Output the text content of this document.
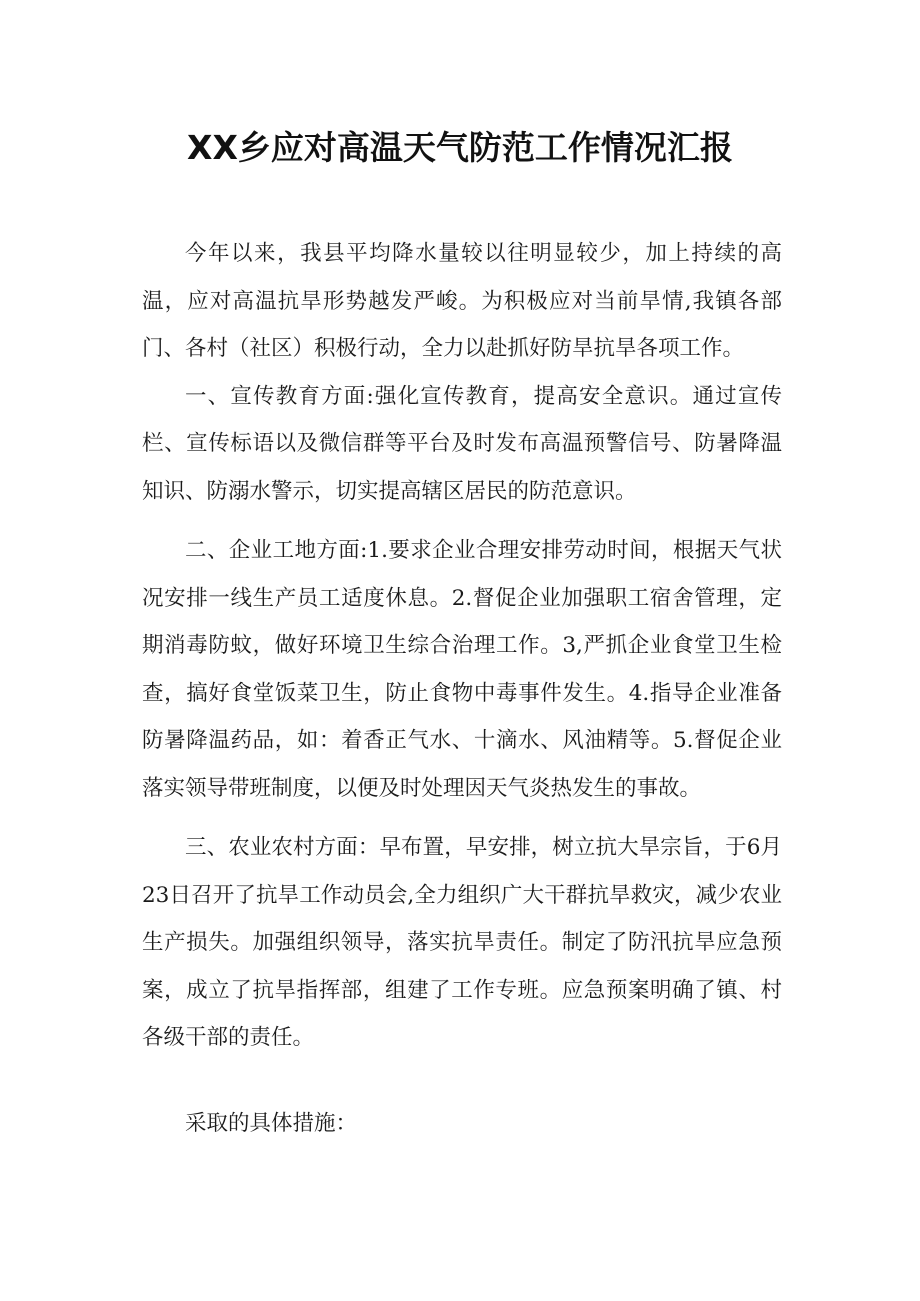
XX乡应对高温天气防范工作情况汇报

今年以来，我县平均降水量较以往明显较少，加上持续的高温，应对高温抗旱形势越发严峻。为积极应对当前旱情,我镇各部门、各村（社区）积极行动，全力以赴抓好防旱抗旱各项工作。

一、宣传教育方面:强化宣传教育，提高安全意识。通过宣传栏、宣传标语以及微信群等平台及时发布高温预警信号、防暑降温知识、防溺水警示，切实提高辖区居民的防范意识。

二、企业工地方面:1.要求企业合理安排劳动时间，根据天气状况安排一线生产员工适度休息。2.督促企业加强职工宿舍管理，定期消毒防蚊，做好环境卫生综合治理工作。3,严抓企业食堂卫生检查，搞好食堂饭菜卫生，防止食物中毒事件发生。4.指导企业准备防暑降温药品，如：着香正气水、十滴水、风油精等。5.督促企业落实领导带班制度，以便及时处理因天气炎热发生的事故。

三、农业农村方面：早布置，早安排，树立抗大旱宗旨，于6月23日召开了抗旱工作动员会,全力组织广大干群抗旱救灾，减少农业生产损失。加强组织领导，落实抗旱责任。制定了防汛抗旱应急预案，成立了抗旱指挥部，组建了工作专班。应急预案明确了镇、村各级干部的责任。

采取的具体措施：
